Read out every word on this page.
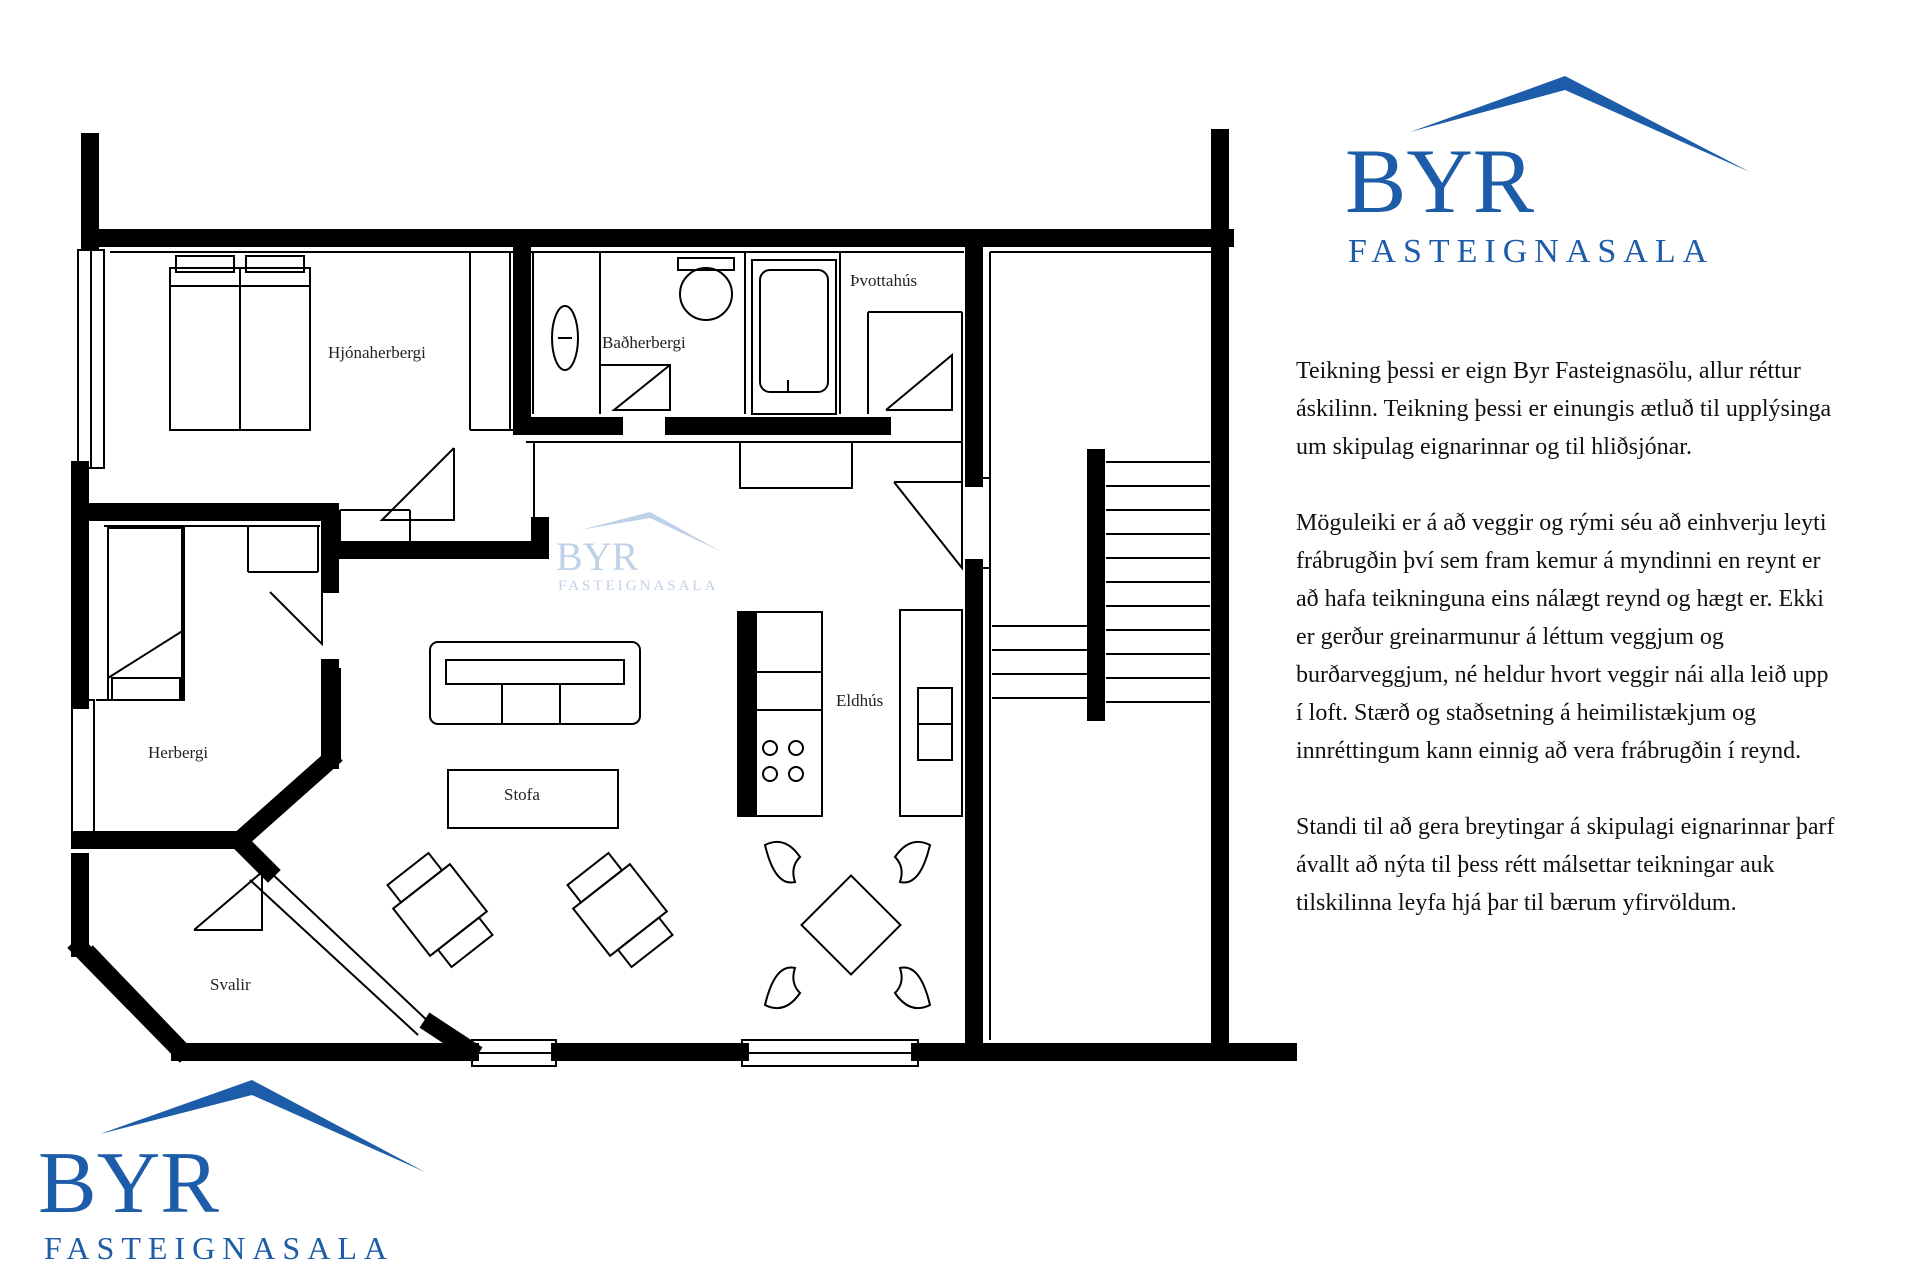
BYR
FASTEIGNASALA
BYR
FASTEIGNASALA
BYR
FASTEIGNASALA
Hjónaherbergi
Baðherbergi
Þvottahús
Herbergi
Stofa
Eldhús
Svalir

Teikning þessi er eign Byr Fasteignasölu, allur réttur áskilinn. Teikning þessi er einungis ætluð til upplýsinga um skipulag eignarinnar og til hliðsjónar.

Möguleiki er á að veggir og rými séu að einhverju leyti frábrugðin því sem fram kemur á myndinni en reynt er að hafa teikninguna eins nálægt reynd og hægt er. Ekki er gerður greinarmunur á léttum veggjum og burðarveggjum, né heldur hvort veggir nái alla leið upp í loft. Stærð og staðsetning á heimilistækjum og innréttingum kann einnig að vera frábrugðin í reynd.

Standi til að gera breytingar á skipulagi eignarinnar þarf ávallt að nýta til þess rétt málsettar teikningar auk tilskilinna leyfa hjá þar til bærum yfirvöldum.
